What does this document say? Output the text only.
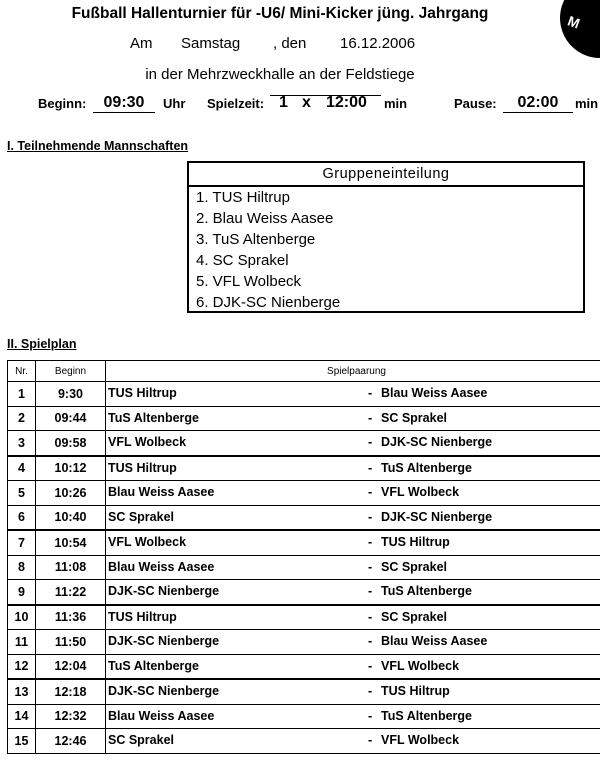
Fußball Hallenturnier für -U6/ Mini-Kicker jüng. Jahrgang	M
Am Samstag , den 16.12.2006
in der Mehrzweckhalle an der Feldstiege
Beginn:	09:30	Uhr Spielzeit: 1 x 12:00 min	Pause:	02:00	min
I. Teilnehmende Mannschaften
Gruppeneinteilung
1. TUS Hiltrup
2. Blau Weiss Aasee
3. TuS Altenberge
4. SC Sprakel
5. VFL Wolbeck
6. DJK-SC Nienberge
II. Spielplan
Nr.	Beginn	Spielpaarung
1	9:30	TUS Hiltrup - Blau Weiss Aasee

2	09:44	TuS Altenberge - SC Sprakel

3	09:58	VFL Wolbeck - DJK-SC Nienberge

4	10:12	TUS Hiltrup - TuS Altenberge

5	10:26	Blau Weiss Aasee - VFL Wolbeck

6	10:40	SC Sprakel - DJK-SC Nienberge

7	10:54	VFL Wolbeck - TUS Hiltrup

8	11:08	Blau Weiss Aasee - SC Sprakel

9	11:22	DJK-SC Nienberge - TuS Altenberge

10	11:36	TUS Hiltrup - SC Sprakel

11	11:50	DJK-SC Nienberge - Blau Weiss Aasee

12	12:04	TuS Altenberge - VFL Wolbeck

13	12:18	DJK-SC Nienberge - TUS Hiltrup

14	12:32	Blau Weiss Aasee - TuS Altenberge

15	12:46	SC Sprakel - VFL Wolbeck
